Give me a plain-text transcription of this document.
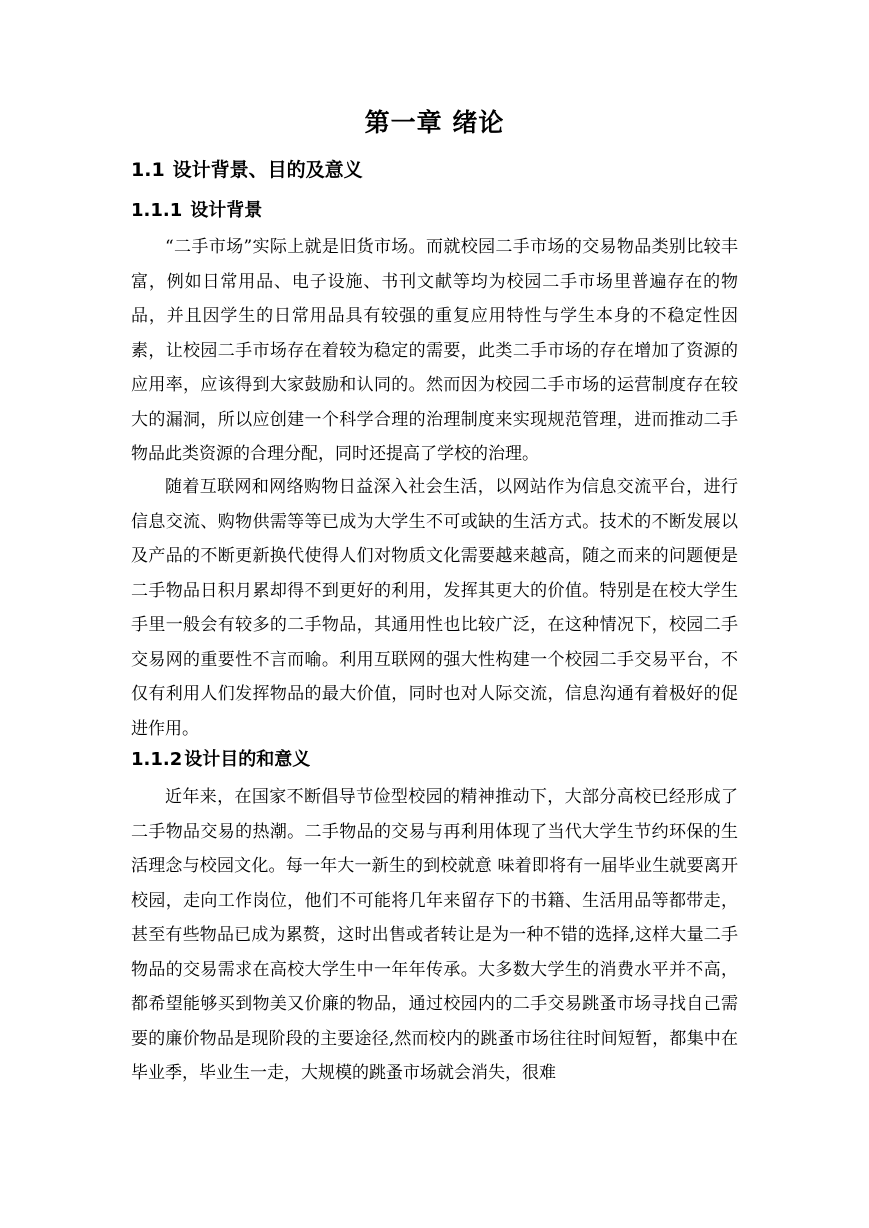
第一章 绪论
1.1 设计背景、目的及意义
1.1.1 设计背景

“二手市场”实际上就是旧货市场。而就校园二手市场的交易物品类别比较丰富，例如日常用品、电子设施、书刊文献等均为校园二手市场里普遍存在的物品，并且因学生的日常用品具有较强的重复应用特性与学生本身的不稳定性因素，让校园二手市场存在着较为稳定的需要，此类二手市场的存在增加了资源的应用率，应该得到大家鼓励和认同的。然而因为校园二手市场的运营制度存在较大的漏洞，所以应创建一个科学合理的治理制度来实现规范管理，进而推动二手物品此类资源的合理分配，同时还提高了学校的治理。

随着互联网和网络购物日益深入社会生活，以网站作为信息交流平台，进行信息交流、购物供需等等已成为大学生不可或缺的生活方式。技术的不断发展以及产品的不断更新换代使得人们对物质文化需要越来越高，随之而来的问题便是二手物品日积月累却得不到更好的利用，发挥其更大的价值。特别是在校大学生手里一般会有较多的二手物品，其通用性也比较广泛，在这种情况下，校园二手交易网的重要性不言而喻。利用互联网的强大性构建一个校园二手交易平台，不仅有利用人们发挥物品的最大价值，同时也对人际交流，信息沟通有着极好的促进作用。

1.1.2 设计目的和意义

近年来，在国家不断倡导节俭型校园的精神推动下，大部分高校已经形成了二手物品交易的热潮。二手物品的交易与再利用体现了当代大学生节约环保的生活理念与校园文化。每一年大一新生的到校就意 味着即将有一届毕业生就要离开校园，走向工作岗位，他们不可能将几年来留存下的书籍、生活用品等都带走，甚至有些物品已成为累赘，这时出售或者转让是为一种不错的选择,这样大量二手物品的交易需求在高校大学生中一年年传承。大多数大学生的消费水平并不高，都希望能够买到物美又价廉的物品，通过校园内的二手交易跳蚤市场寻找自己需要的廉价物品是现阶段的主要途径,然而校内的跳蚤市场往往时间短暂，都集中在毕业季，毕业生一走，大规模的跳蚤市场就会消失，很难
